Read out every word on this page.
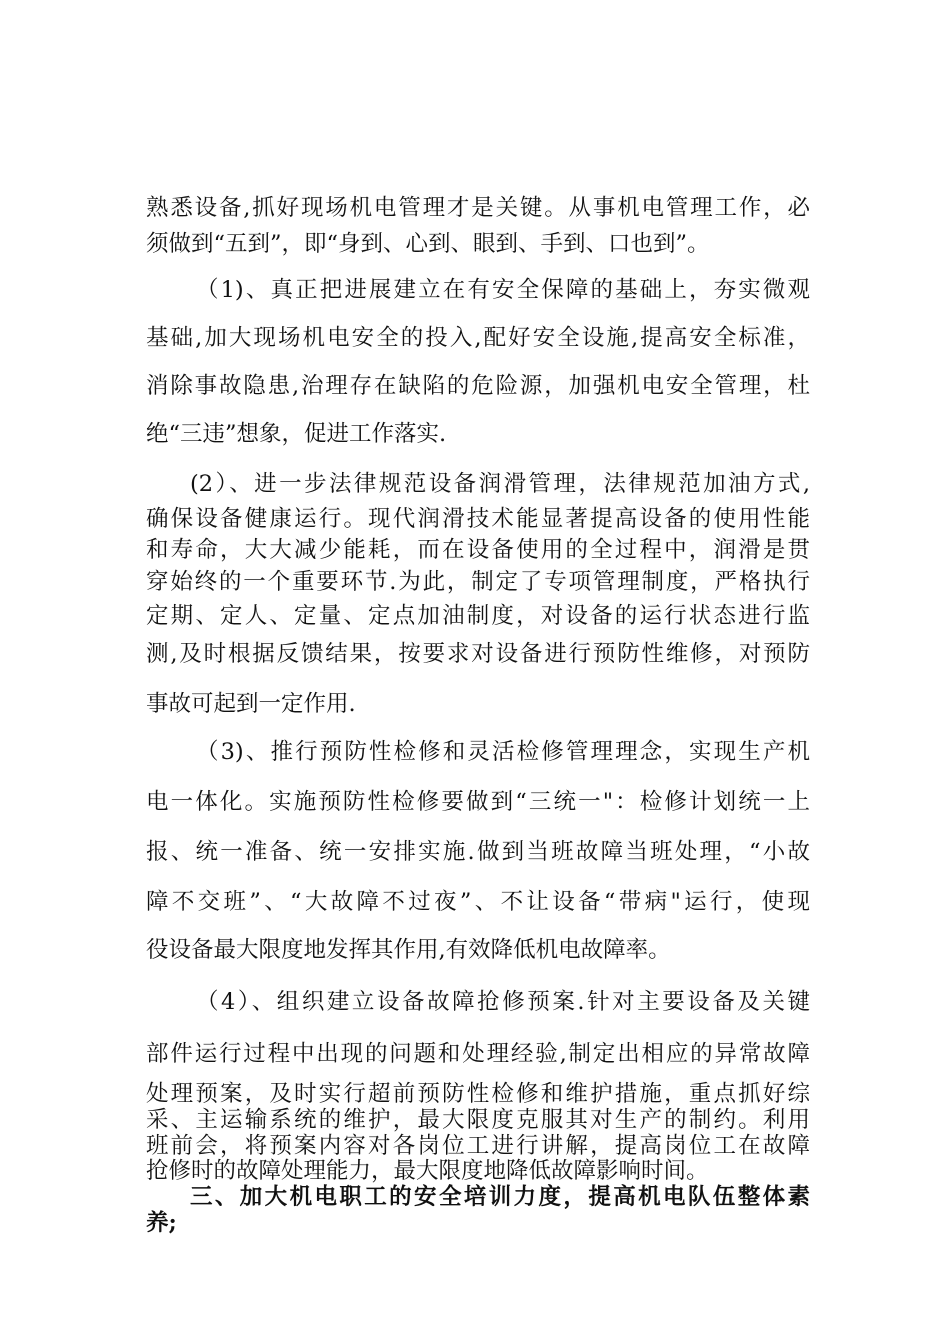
熟悉设备,抓好现场机电管理才是关键。从事机电管理工作，必
须做到“五到”，即“身到、心到、眼到、手到、口也到”。
（1)、真正把进展建立在有安全保障的基础上，夯实微观
基础,加大现场机电安全的投入,配好安全设施,提高安全标准，
消除事故隐患,治理存在缺陷的危险源，加强机电安全管理，杜
绝“三违”想象，促进工作落实.
(2）、进一步法律规范设备润滑管理，法律规范加油方式,
确保设备健康运行。现代润滑技术能显著提高设备的使用性能
和寿命，大大减少能耗，而在设备使用的全过程中，润滑是贯
穿始终的一个重要环节.为此，制定了专项管理制度，严格执行
定期、定人、定量、定点加油制度，对设备的运行状态进行监
测,及时根据反馈结果，按要求对设备进行预防性维修，对预防
事故可起到一定作用.
（3)、推行预防性检修和灵活检修管理理念，实现生产机
电一体化。实施预防性检修要做到“三统一"：检修计划统一上
报、统一准备、统一安排实施.做到当班故障当班处理，“小故
障不交班”、“大故障不过夜”、不让设备“带病"运行，使现
役设备最大限度地发挥其作用,有效降低机电故障率。
（4）、组织建立设备故障抢修预案.针对主要设备及关键
部件运行过程中出现的问题和处理经验,制定出相应的异常故障
处理预案，及时实行超前预防性检修和维护措施，重点抓好综
采、主运输系统的维护，最大限度克服其对生产的制约。利用
班前会，将预案内容对各岗位工进行讲解，提高岗位工在故障
抢修时的故障处理能力，最大限度地降低故障影响时间。
三、加大机电职工的安全培训力度，提高机电队伍整体素
养;
